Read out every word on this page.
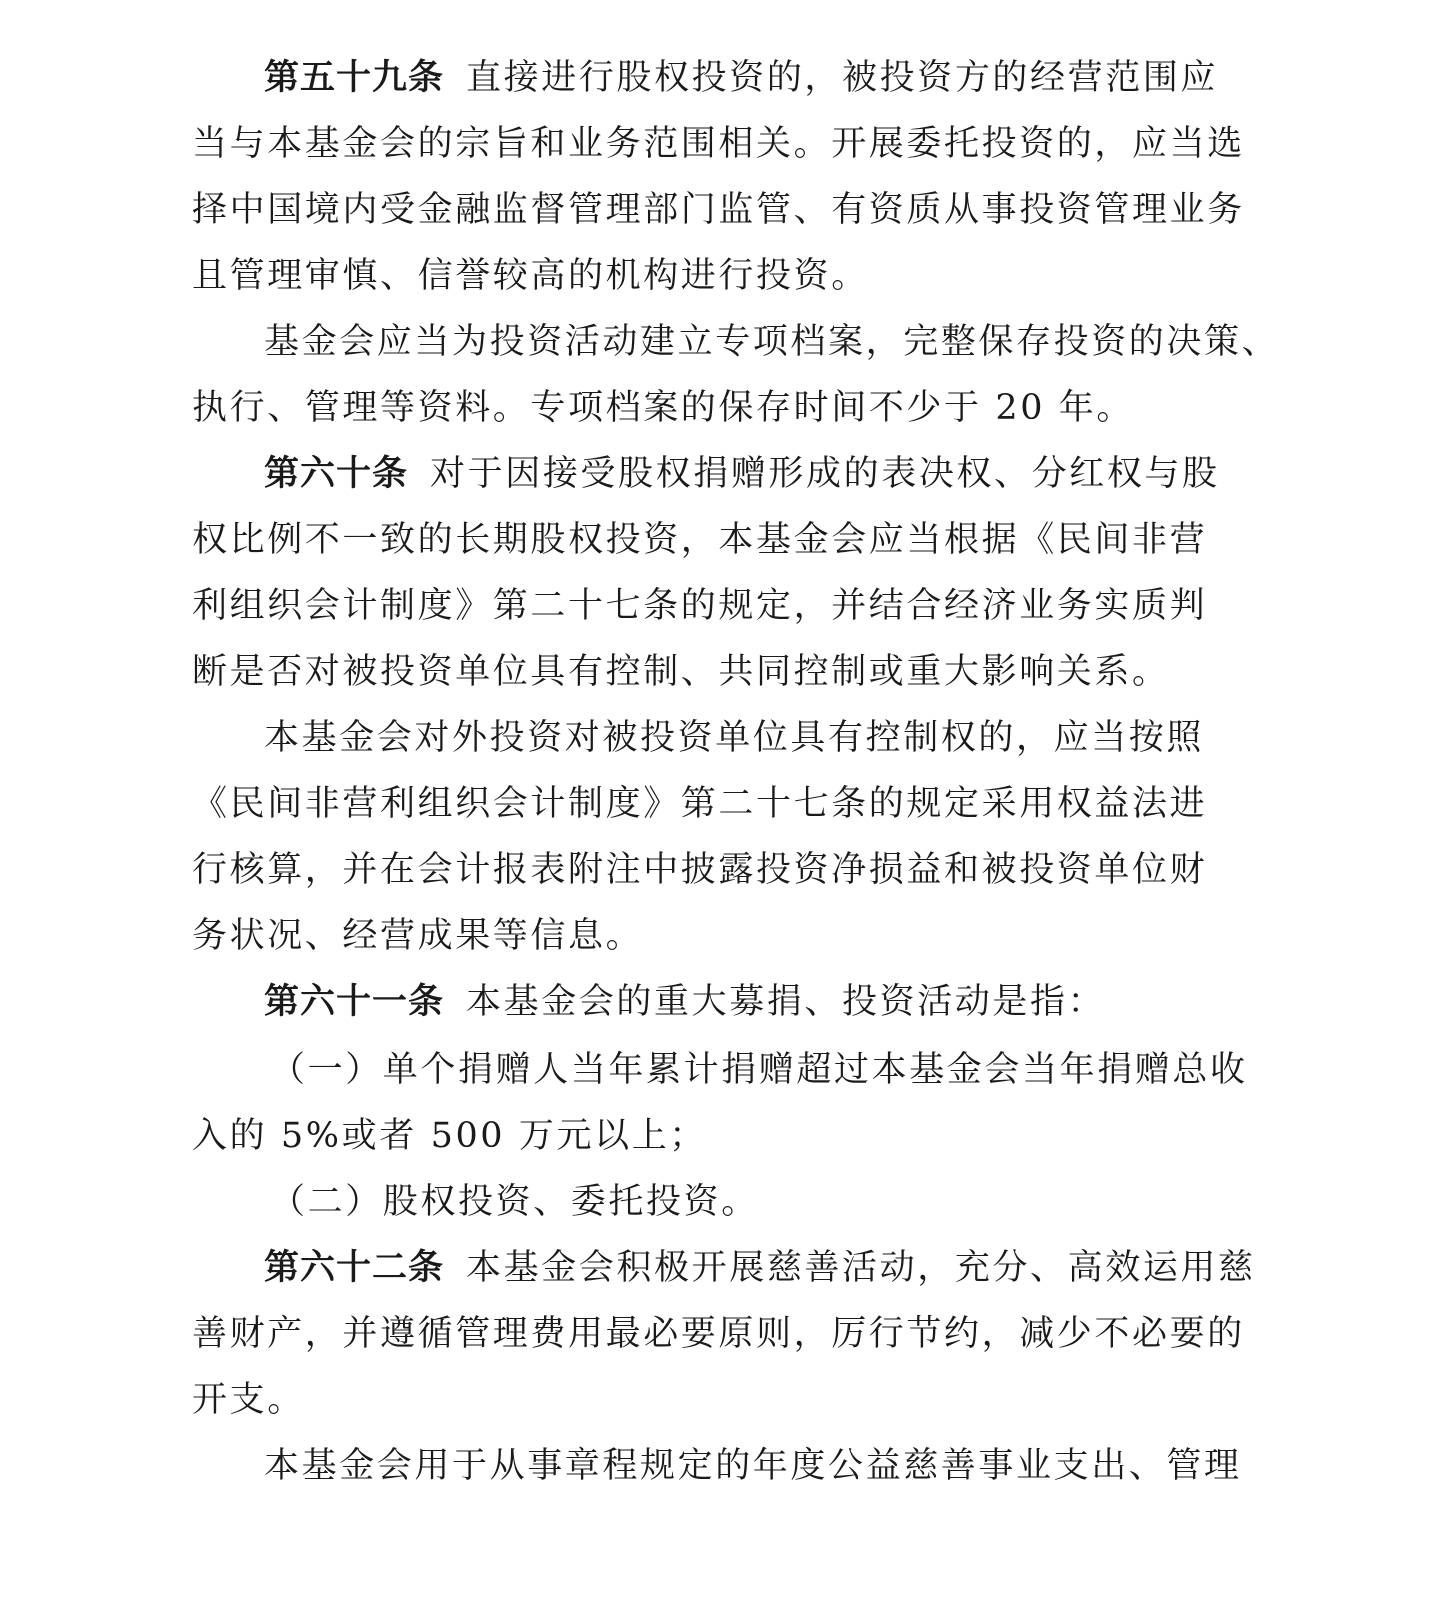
第五十九条 直接进行股权投资的，被投资方的经营范围应
当与本基金会的宗旨和业务范围相关。开展委托投资的，应当选
择中国境内受金融监督管理部门监管、有资质从事投资管理业务
且管理审慎、信誉较高的机构进行投资。
基金会应当为投资活动建立专项档案，完整保存投资的决策、
执行、管理等资料。专项档案的保存时间不少于 20 年。
第六十条 对于因接受股权捐赠形成的表决权、分红权与股
权比例不一致的长期股权投资，本基金会应当根据《民间非营
利组织会计制度》第二十七条的规定，并结合经济业务实质判
断是否对被投资单位具有控制、共同控制或重大影响关系。
本基金会对外投资对被投资单位具有控制权的，应当按照
《民间非营利组织会计制度》第二十七条的规定采用权益法进
行核算，并在会计报表附注中披露投资净损益和被投资单位财
务状况、经营成果等信息。
第六十一条 本基金会的重大募捐、投资活动是指：
（一）单个捐赠人当年累计捐赠超过本基金会当年捐赠总收
入的 5%或者 500 万元以上；
（二）股权投资、委托投资。
第六十二条 本基金会积极开展慈善活动，充分、高效运用慈
善财产，并遵循管理费用最必要原则，厉行节约，减少不必要的
开支。
本基金会用于从事章程规定的年度公益慈善事业支出、管理
